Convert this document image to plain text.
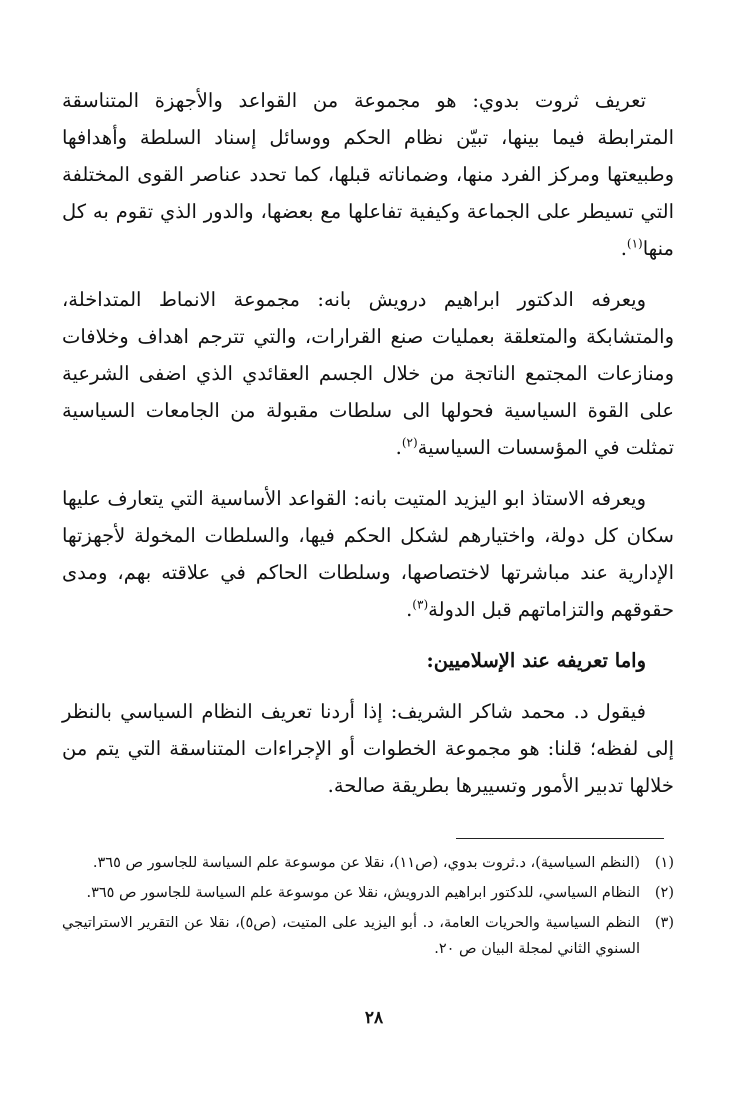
تعريف ثروت بدوي: هو مجموعة من القواعد والأجهزة المتناسقة المترابطة فيما بينها، تبيّن نظام الحكم ووسائل إسناد السلطة وأهدافها وطبيعتها ومركز الفرد منها، وضماناته قبلها، كما تحدد عناصر القوى المختلفة التي تسيطر على الجماعة وكيفية تفاعلها مع بعضها، والدور الذي تقوم به كل منها$^{(١)}$.

ويعرفه الدكتور ابراهيم درويش بانه: مجموعة الانماط المتداخلة، والمتشابكة والمتعلقة بعمليات صنع القرارات، والتي تترجم اهداف وخلافات ومنازعات المجتمع الناتجة من خلال الجسم العقائدي الذي اضفى الشرعية على القوة السياسية فحولها الى سلطات مقبولة من الجامعات السياسية تمثلت في المؤسسات السياسية$^{(٢)}$.

ويعرفه الاستاذ ابو اليزيد المتيت بانه: القواعد الأساسية التي يتعارف عليها سكان كل دولة، واختيارهم لشكل الحكم فيها، والسلطات المخولة لأجهزتها الإدارية عند مباشرتها لاختصاصها، وسلطات الحاكم في علاقته بهم، ومدى حقوقهم والتزاماتهم قبل الدولة$^{(٣)}$.

واما تعريفه عند الإسلاميين:

فيقول د. محمد شاكر الشريف: إذا أردنا تعريف النظام السياسي بالنظر إلى لفظه؛ قلنا: هو مجموعة الخطوات أو الإجراءات المتناسقة التي يتم من خلالها تدبير الأمور وتسييرها بطريقة صالحة.

(١)
(النظم السياسية)، د.ثروت بدوي، (ص١١)، نقلا عن موسوعة علم السياسة للجاسور ص ٣٦٥.
(٢)
النظام السياسي، للدكتور ابراهيم الدرويش، نقلا عن موسوعة علم السياسة للجاسور ص ٣٦٥.
(٣)
النظم السياسية والحريات العامة، د. أبو اليزيد على المتيت، (ص٥)، نقلا عن التقرير الاستراتيجي السنوي الثاني لمجلة البيان ص ٢٠.
٢٨
